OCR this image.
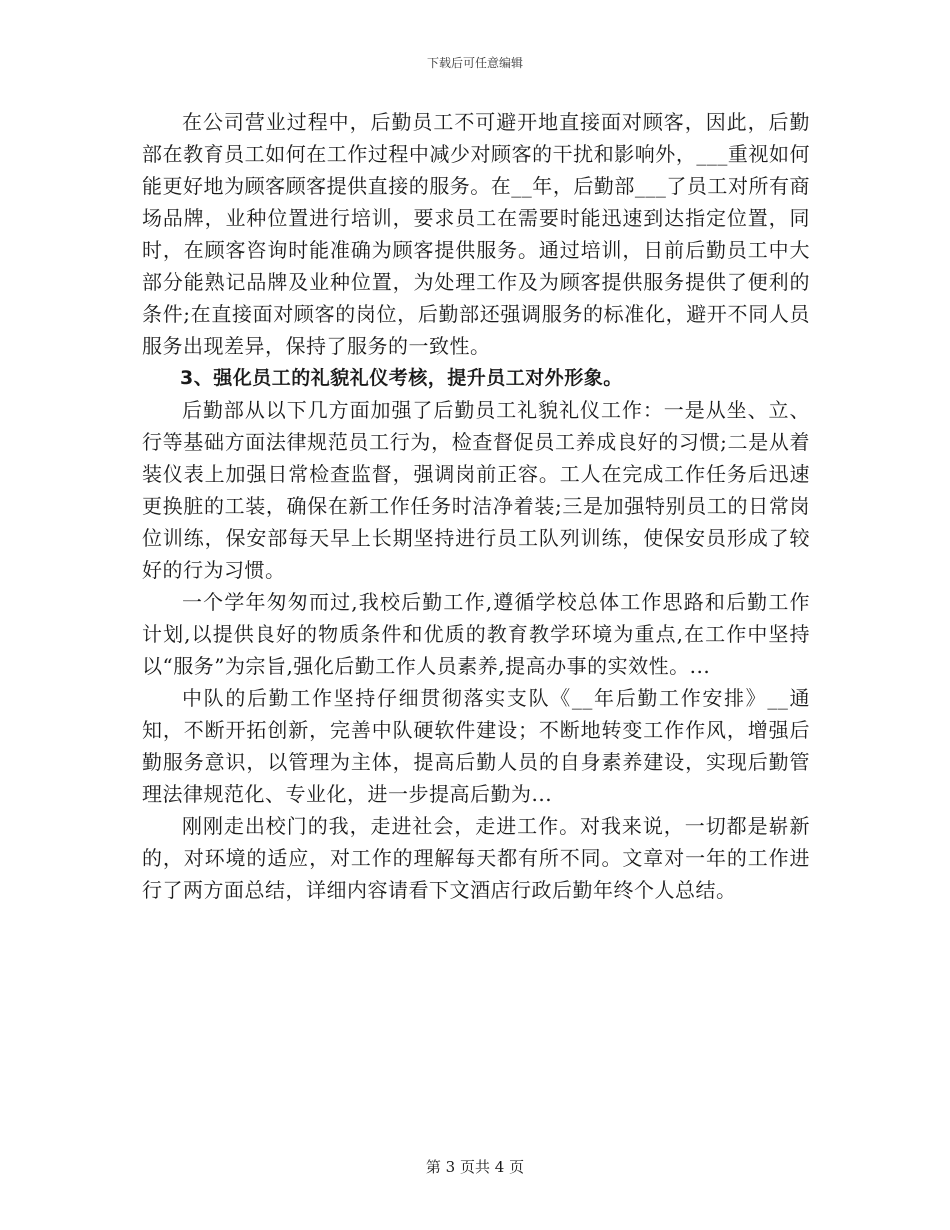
下载后可任意编辑

在公司营业过程中，后勤员工不可避开地直接面对顾客，因此，后勤部在教育员工如何在工作过程中减少对顾客的干扰和影响外，___重视如何能更好地为顾客顾客提供直接的服务。在__年，后勤部___了员工对所有商场品牌，业种位置进行培训，要求员工在需要时能迅速到达指定位置，同时，在顾客咨询时能准确为顾客提供服务。通过培训，日前后勤员工中大部分能熟记品牌及业种位置，为处理工作及为顾客提供服务提供了便利的条件;在直接面对顾客的岗位，后勤部还强调服务的标准化，避开不同人员服务出现差异，保持了服务的一致性。

3、强化员工的礼貌礼仪考核，提升员工对外形象。

后勤部从以下几方面加强了后勤员工礼貌礼仪工作：一是从坐、立、行等基础方面法律规范员工行为，检查督促员工养成良好的习惯;二是从着装仪表上加强日常检查监督，强调岗前正容。工人在完成工作任务后迅速更换脏的工装，确保在新工作任务时洁净着装;三是加强特别员工的日常岗位训练，保安部每天早上长期坚持进行员工队列训练，使保安员形成了较好的行为习惯。

一个学年匆匆而过,我校后勤工作,遵循学校总体工作思路和后勤工作计划,以提供良好的物质条件和优质的教育教学环境为重点,在工作中坚持以“服务”为宗旨,强化后勤工作人员素养,提高办事的实效性。...

中队的后勤工作坚持仔细贯彻落实支队《__年后勤工作安排》__通知，不断开拓创新，完善中队硬软件建设；不断地转变工作作风，增强后勤服务意识，以管理为主体，提高后勤人员的自身素养建设，实现后勤管理法律规范化、专业化，进一步提高后勤为...

刚刚走出校门的我，走进社会，走进工作。对我来说，一切都是崭新的，对环境的适应，对工作的理解每天都有所不同。文章对一年的工作进行了两方面总结，详细内容请看下文酒店行政后勤年终个人总结。

第 3 页共 4 页
